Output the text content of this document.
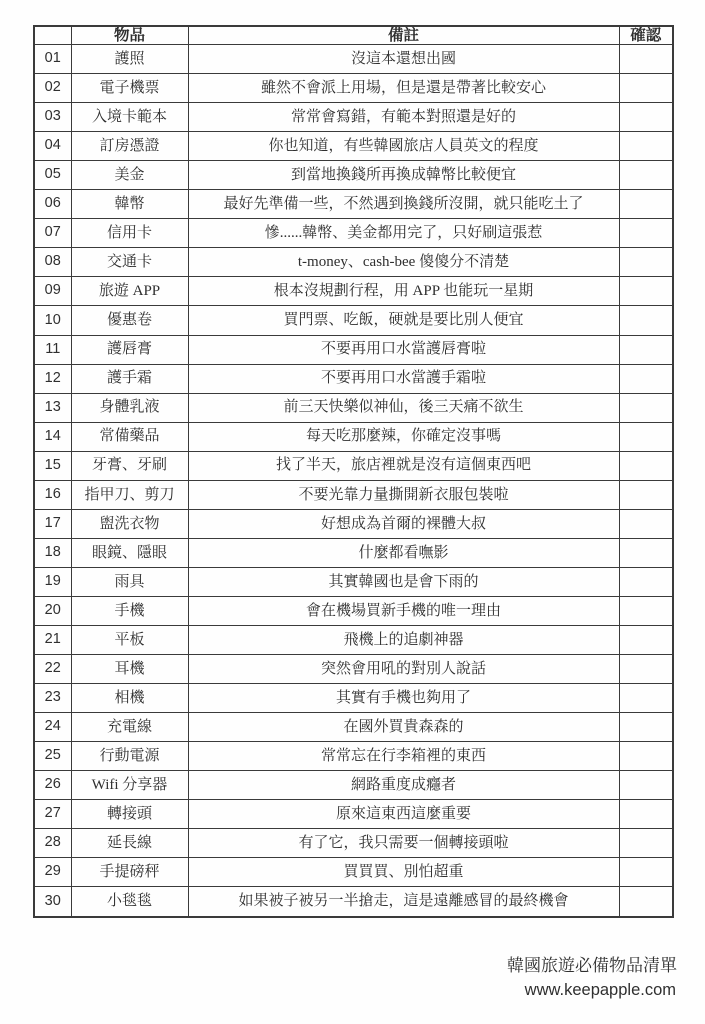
	物品	備註	確認
01	護照	沒這本還想出國	
02	電子機票	雖然不會派上用場，但是還是帶著比較安心	
03	入境卡範本	常常會寫錯，有範本對照還是好的	
04	訂房憑證	你也知道，有些韓國旅店人員英文的程度	
05	美金	到當地換錢所再換成韓幣比較便宜	
06	韓幣	最好先準備一些，不然遇到換錢所沒開，就只能吃土了	
07	信用卡	慘......韓幣、美金都用完了，只好刷這張惹	
08	交通卡	t-money、cash-bee 傻傻分不清楚	
09	旅遊 APP	根本沒規劃行程，用 APP 也能玩一星期	
10	優惠卷	買門票、吃飯，硬就是要比別人便宜	
11	護唇膏	不要再用口水當護唇膏啦	
12	護手霜	不要再用口水當護手霜啦	
13	身體乳液	前三天快樂似神仙，後三天痛不欲生	
14	常備藥品	每天吃那麼辣，你確定沒事嗎	
15	牙膏、牙刷	找了半天，旅店裡就是沒有這個東西吧	
16	指甲刀、剪刀	不要光靠力量撕開新衣服包裝啦	
17	盥洗衣物	好想成為首爾的裸體大叔	
18	眼鏡、隱眼	什麼都看嘸影	
19	雨具	其實韓國也是會下雨的	
20	手機	會在機場買新手機的唯一理由	
21	平板	飛機上的追劇神器	
22	耳機	突然會用吼的對別人說話	
23	相機	其實有手機也夠用了	
24	充電線	在國外買貴森森的	
25	行動電源	常常忘在行李箱裡的東西	
26	Wifi 分享器	網路重度成癮者	
27	轉接頭	原來這東西這麼重要	
28	延長線	有了它，我只需要一個轉接頭啦	
29	手提磅秤	買買買、別怕超重	
30	小毯毯	如果被子被另一半搶走，這是遠離感冒的最終機會	
韓國旅遊必備物品清單
www.keepapple.com
